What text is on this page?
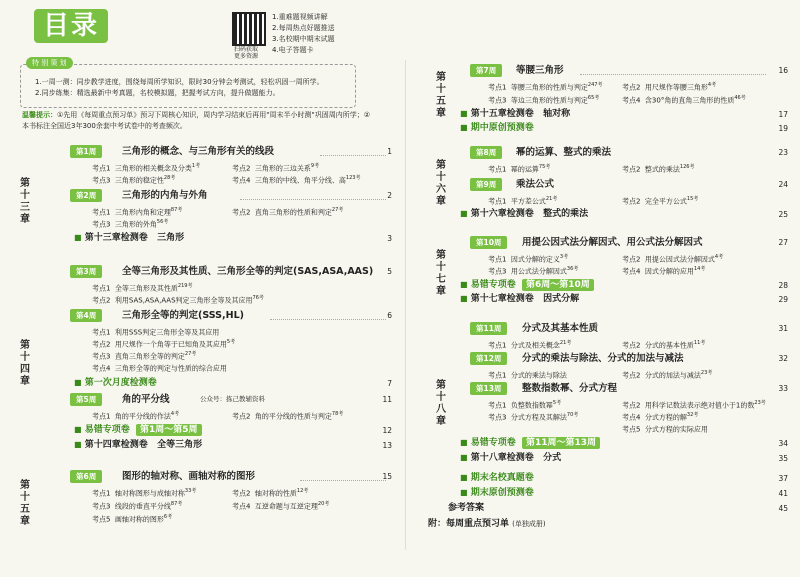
目录
扫码获取
更多资源
1.重难题视频讲解
2.每周热点好题推送
3.名校期中期末试题
4.电子答题卡
1.一周一测：同步教学进度，围绕每周所学知识，限时30分钟会考测试，轻松巩固一周所学。
2.同步练集：精选最新中考真题，名校模拟题，把握考试方向，提升做题能力。
特 别 策 划
温馨提示：①先用《每周重点预习单》预习下周核心知识，周内学习结束后再用"周末半小时测"巩固周内所学；②本书标注全国近3年300余套中考试卷中的考查频次。
第十三章
第1周	三角形的概念、与三角形有关的线段	1
考点1 三角形的相关概念及分类$^{1考}$	考点2 三角形的三边关系$^{9考}$
考点3 三角形的稳定性$^{28考}$	考点4 三角形的中线、角平分线、高$^{123考}$
第2周	三角形的内角与外角	2
考点1 三角形内角和定理$^{87考}$	考点2 直角三角形的性质和判定$^{27考}$
考点3 三角形的外角$^{56考}$
■ 第十三章检测卷 三角形	3
第十四章
第3周	全等三角形及其性质、三角形全等的判定(SAS,ASA,AAS)	5
考点1 全等三角形及其性质$^{219考}$
考点2 利用SAS,ASA,AAS判定三角形全等及其应用$^{76考}$
第4周	三角形全等的判定(SSS,HL)	6
考点1 利用SSS判定三角形全等及其应用
考点2 用尺规作一个角等于已知角及其应用$^{5考}$
考点3 直角三角形全等的判定$^{27考}$
考点4 三角形全等的判定与性质的综合应用
■ 第一次月度检测卷	7
第5周	角的平分线	公众号：拣己教辅资料	11
考点1 角的平分线的作法$^{4考}$	考点2 角的平分线的性质与判定$^{78考}$
■ 易错专项卷 第1周～第5周	12
■ 第十四章检测卷 全等三角形	13
第十五章
第6周	图形的轴对称、画轴对称的图形	15
考点1 轴对称图形与成轴对称$^{33考}$	考点2 轴对称的性质$^{12考}$
考点3 线段的垂直平分线$^{87考}$	考点4 互逆命题与互逆定理$^{20考}$
考点5 画轴对称的图形$^{6考}$
第十五章
第7周	等腰三角形	16
考点1 等腰三角形的性质与判定$^{247考}$	考点2 用尺规作等腰三角形$^{4考}$
考点3 等边三角形的性质与判定$^{65考}$	考点4 含30°角的直角三角形的性质$^{46考}$
■ 第十五章检测卷 轴对称	17
■ 期中原创预测卷	19
第十六章
第8周	幂的运算、整式的乘法	23
考点1 幂的运算$^{75考}$	考点2 整式的乘法$^{126考}$
第9周	乘法公式	24
考点1 平方差公式$^{21考}$	考点2 完全平方公式$^{15考}$
■ 第十六章检测卷 整式的乘法	25
第十七章
第10周	用提公因式法分解因式、用公式法分解因式	27
考点1 因式分解的定义$^{3考}$	考点2 用提公因式法分解因式$^{4考}$
考点3 用公式法分解因式$^{36考}$	考点4 因式分解的应用$^{14考}$
■ 易错专项卷 第6周～第10周	28
■ 第十七章检测卷 因式分解	29
第十八章
第11周	分式及其基本性质	31
考点1 分式及相关概念$^{21考}$	考点2 分式的基本性质$^{11考}$
第12周	分式的乘法与除法、分式的加法与减法	32
考点1 分式的乘法与除法	考点2 分式的加法与减法$^{23考}$
第13周	整数指数幂、分式方程	33
考点1 负整数指数幂$^{5考}$	考点2 用科学记数法表示绝对值小于1的数$^{23考}$
考点3 分式方程及其解法$^{70考}$	考点4 分式方程的解$^{32考}$
考点5 分式方程的实际应用
■ 易错专项卷 第11周～第13周	34
■ 第十八章检测卷 分式	35
■ 期末名校真题卷	37
■ 期末原创预测卷	41
参考答案	45
附：每周重点预习单 (单独成册)
